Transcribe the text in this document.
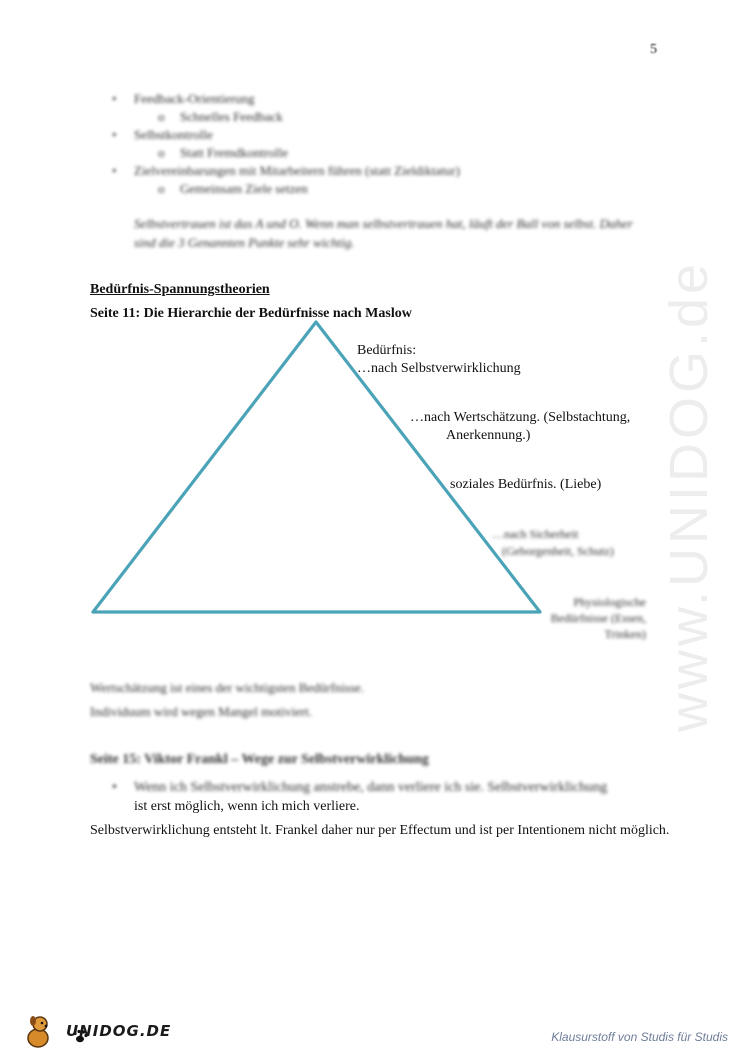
5
• Feedback-Orientierung
o Schnelles Feedback
• Selbstkontrolle
o Statt Fremdkontrolle
• Zielvereinbarungen mit Mitarbeitern führen (statt Zieldiktatur)
o Gemeinsam Ziele setzen
Selbstvertrauen ist das A und O. Wenn man selbstvertrauen hat, läuft der Ball von selbst. Daher sind die 3 Genannten Punkte sehr wichtig.
Bedürfnis-Spannungstheorien
Seite 11: Die Hierarchie der Bedürfnisse nach Maslow
Bedürfnis:
…nach Selbstverwirklichung
…nach Wertschätzung. (Selbstachtung,
Anerkennung.)
soziales Bedürfnis. (Liebe)
…nach Sicherheit
(Geborgenheit, Schutz)
Physiologische
Bedürfnisse (Essen,
Trinken)
Wertschätzung ist eines der wichtigsten Bedürfnisse.
Individuum wird wegen Mangel motiviert.
Seite 15: Viktor Frankl – Wege zur Selbstverwirklichung
• Wenn ich Selbstverwirklichung anstrebe, dann verliere ich sie. Selbstverwirklichung
ist erst möglich, wenn ich mich verliere.
Selbstverwirklichung entsteht lt. Frankel daher nur per Effectum und ist per Intentionem nicht möglich.
www.UNIDOG.de
UNIDOG.DE	Klausurstoff von Studis für Studis
